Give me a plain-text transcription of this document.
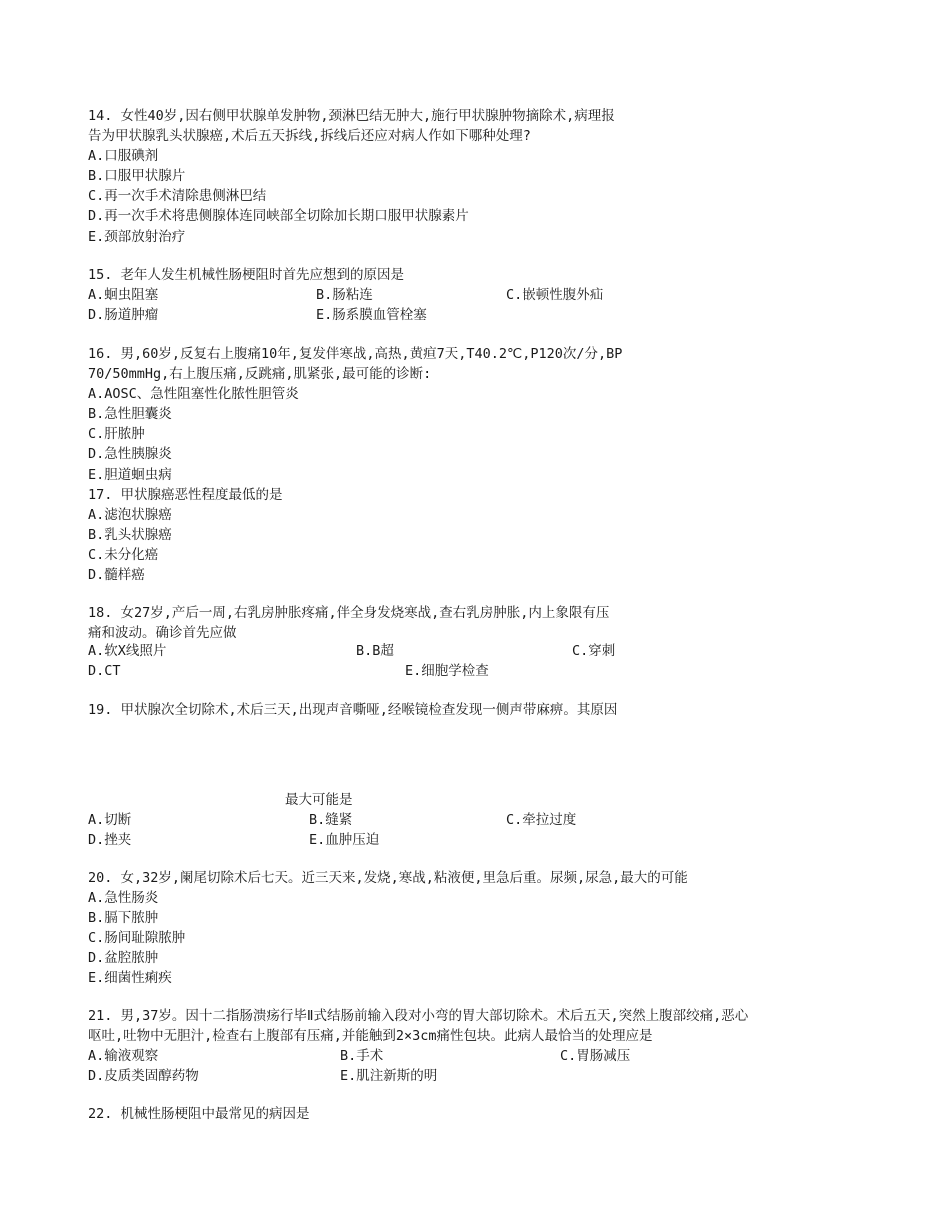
14. 女性40岁,因右侧甲状腺单发肿物,颈淋巴结无肿大,施行甲状腺肿物摘除术,病理报
告为甲状腺乳头状腺癌,术后五天拆线,拆线后还应对病人作如下哪种处理?
A.口服碘剂
B.口服甲状腺片
C.再一次手术清除患侧淋巴结
D.再一次手术将患侧腺体连同峡部全切除加长期口服甲状腺素片
E.颈部放射治疗
15. 老年人发生机械性肠梗阻时首先应想到的原因是
A.蛔虫阻塞	B.肠粘连	C.嵌顿性腹外疝
D.肠道肿瘤	E.肠系膜血管栓塞
16. 男,60岁,反复右上腹痛10年,复发伴寒战,高热,黄疸7天,T40.2℃,P120次/分,BP
70/50mmHg,右上腹压痛,反跳痛,肌紧张,最可能的诊断:
A.AOSC、急性阻塞性化脓性胆管炎
B.急性胆囊炎
C.肝脓肿
D.急性胰腺炎
E.胆道蛔虫病
17. 甲状腺癌恶性程度最低的是
A.滤泡状腺癌
B.乳头状腺癌
C.未分化癌
D.髓样癌
18. 女27岁,产后一周,右乳房肿胀疼痛,伴全身发烧寒战,查右乳房肿胀,内上象限有压
痛和波动。确诊首先应做
A.软X线照片	B.B超	C.穿刺
D.CT	E.细胞学检查
19. 甲状腺次全切除术,术后三天,出现声音嘶哑,经喉镜检查发现一侧声带麻痹。其原因
最大可能是
A.切断	B.缝紧	C.牵拉过度
D.挫夹	E.血肿压迫
20. 女,32岁,阑尾切除术后七天。近三天来,发烧,寒战,粘液便,里急后重。尿频,尿急,最大的可能
A.急性肠炎
B.膈下脓肿
C.肠间耻隙脓肿
D.盆腔脓肿
E.细菌性痢疾
21. 男,37岁。因十二指肠溃疡行毕Ⅱ式结肠前输入段对小弯的胃大部切除术。术后五天,突然上腹部绞痛,恶心
呕吐,吐物中无胆汁,检查右上腹部有压痛,并能触到2×3cm痛性包块。此病人最恰当的处理应是
A.输液观察	B.手术	C.胃肠减压
D.皮质类固醇药物	E.肌注新斯的明
22. 机械性肠梗阻中最常见的病因是
